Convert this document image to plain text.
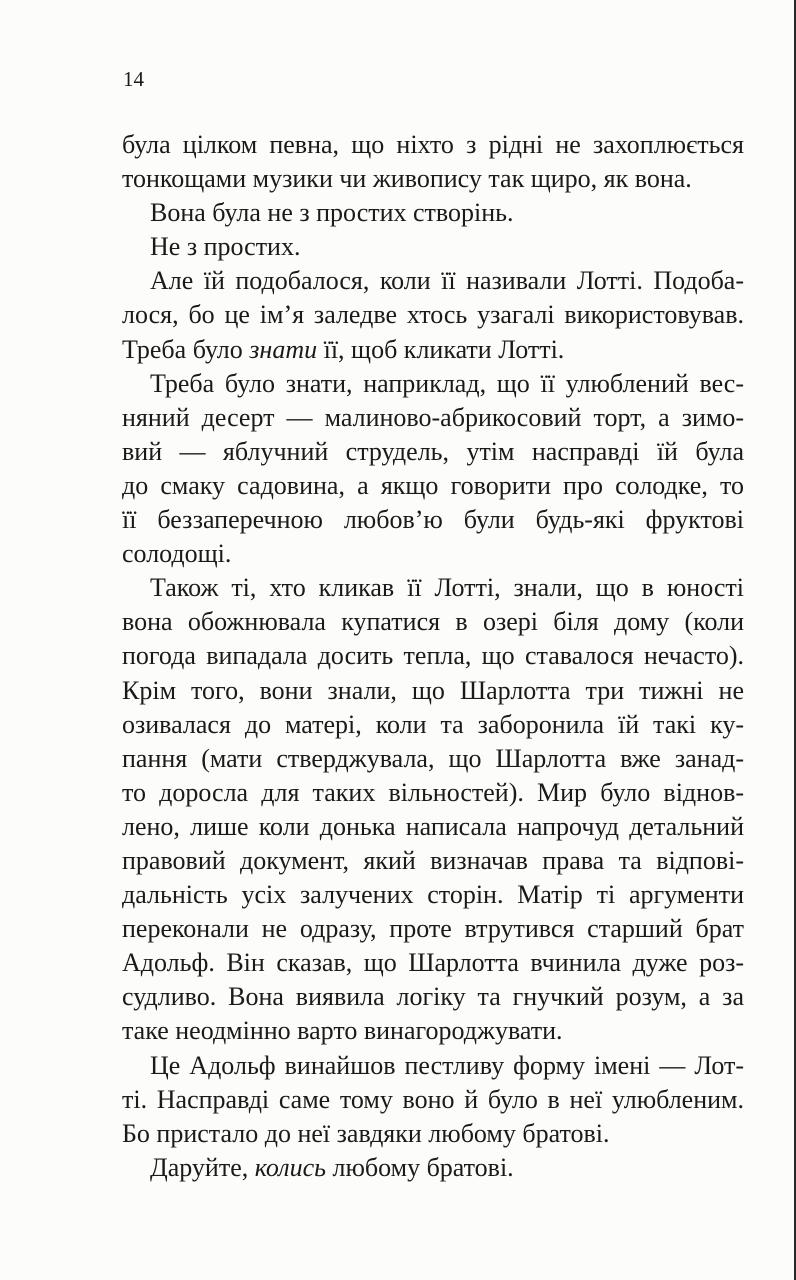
14
була цілком певна, що ніхто з рідні не захоплюється
тонкощами музики чи живопису так щиро, як вона.
Вона була не з простих створінь.
Не з простих.
Але їй подобалося, коли її називали Лотті. Подоба-
лося, бо це ім’я заледве хтось узагалі використовував.
Треба було знати її, щоб кликати Лотті.
Треба було знати, наприклад, що її улюблений вес-
няний десерт — малиново-абрикосовий торт, а зимо-
вий — яблучний струдель, утім насправді їй була
до смаку садовина, а якщо говорити про солодке, то
її беззаперечною любов’ю були будь-які фруктові
солодощі.
Також ті, хто кликав її Лотті, знали, що в юності
вона обожнювала купатися в озері біля дому (коли
погода випадала досить тепла, що ставалося нечасто).
Крім того, вони знали, що Шарлотта три тижні не
озивалася до матері, коли та заборонила їй такі ку-
пання (мати стверджувала, що Шарлотта вже занад-
то доросла для таких вільностей). Мир було віднов-
лено, лише коли донька написала напрочуд детальний
правовий документ, який визначав права та відпові-
дальність усіх залучених сторін. Матір ті аргументи
переконали не одразу, проте втрутився старший брат
Адольф. Він сказав, що Шарлотта вчинила дуже роз-
судливо. Вона виявила логіку та гнучкий розум, а за
таке неодмінно варто винагороджувати.
Це Адольф винайшов пестливу форму імені — Лот-
ті. Насправді саме тому воно й було в неї улюбленим.
Бо пристало до неї завдяки любому братові.
Даруйте, колись любому братові.
